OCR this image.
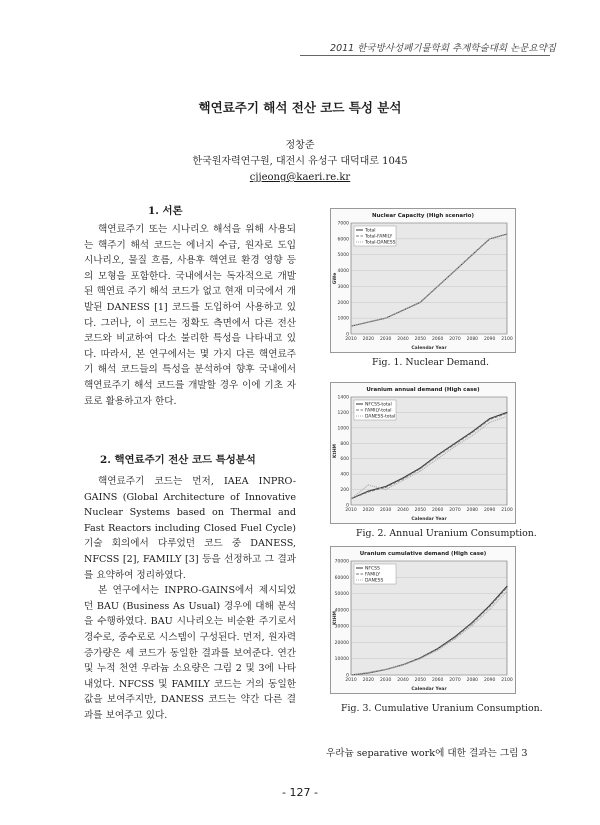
2011 한국방사성폐기물학회 추계학술대회 논문요약집
핵연료주기 해석 전산 코드 특성 분석
정창준
한국원자력연구원, 대전시 유성구 대덕대로 1045
cjjeong@kaeri.re.kr
1. 서론

핵연료주기 또는 시나리오 해석을 위해 사용되는 핵주기 해석 코드는 에너지 수급, 원자로 도입 시나리오, 물질 흐름, 사용후 핵연료 환경 영향 등의 모형을 포함한다. 국내에서는 독자적으로 개발된 핵연료 주기 해석 코드가 없고 현재 미국에서 개발된 DANESS [1] 코드를 도입하여 사용하고 있다. 그러나, 이 코드는 정확도 측면에서 다른 전산 코드와 비교하여 다소 불리한 특성을 나타내고 있다. 따라서, 본 연구에서는 몇 가지 다른 핵연료주기 해석 코드들의 특성을 분석하여 향후 국내에서 핵연료주기 해석 코드를 개발할 경우 이에 기초 자료로 활용하고자 한다.

2. 핵연료주기 전산 코드 특성분석

핵연료주기 코드는 먼저, IAEA INPRO-GAINS (Global Architecture of Innovative Nuclear Systems based on Thermal and Fast Reactors including Closed Fuel Cycle) 기술 회의에서 다루었던 코드 중 DANESS, NFCSS [2], FAMILY [3] 등을 선정하고 그 결과를 요약하여 정리하였다.

본 연구에서는 INPRO-GAINS에서 제시되었던 BAU (Business As Usual) 경우에 대해 분석을 수행하였다. BAU 시나리오는 비순환 주기로서 경수로, 중수로로 시스템이 구성된다. 먼저, 원자력 증가량은 세 코드가 동일한 결과를 보여준다. 연간 및 누적 천연 우라늄 소요량은 그림 2 및 3에 나타내었다. NFCSS 및 FAMILY 코드는 거의 동일한 값을 보여주지만, DANESS 코드는 약간 다른 결과를 보여주고 있다.

Nuclear Capacity (High scenario)
0
1000
2000
3000
4000
5000
6000
7000
2010 2020 2030 2040 2050 2060 2070 2080 2090 2100
Calendar Year
GWe
Total
Total-FAMILY
Total-DANESS
Fig. 1. Nuclear Demand.
Uranium annual demand (High case)
0
200
400
600
800
1000
1200
1400
2010 2020 2030 2040 2050 2060 2070 2080 2090 2100
Calendar Year
KtHM
NFCSS-total
FAMILY-total
DANESS-total
Fig. 2. Annual Uranium Consumption.
Uranium cumulative demand (High case)
0
10000
20000
30000
40000
50000
60000
70000
2010 2020 2030 2040 2050 2060 2070 2080 2090 2100
Calendar Year
KtHM
NFCSS
FAMILY
DANESS
Fig. 3. Cumulative Uranium Consumption.
우라늄 separative work에 대한 결과는 그림 3
- 127 -
